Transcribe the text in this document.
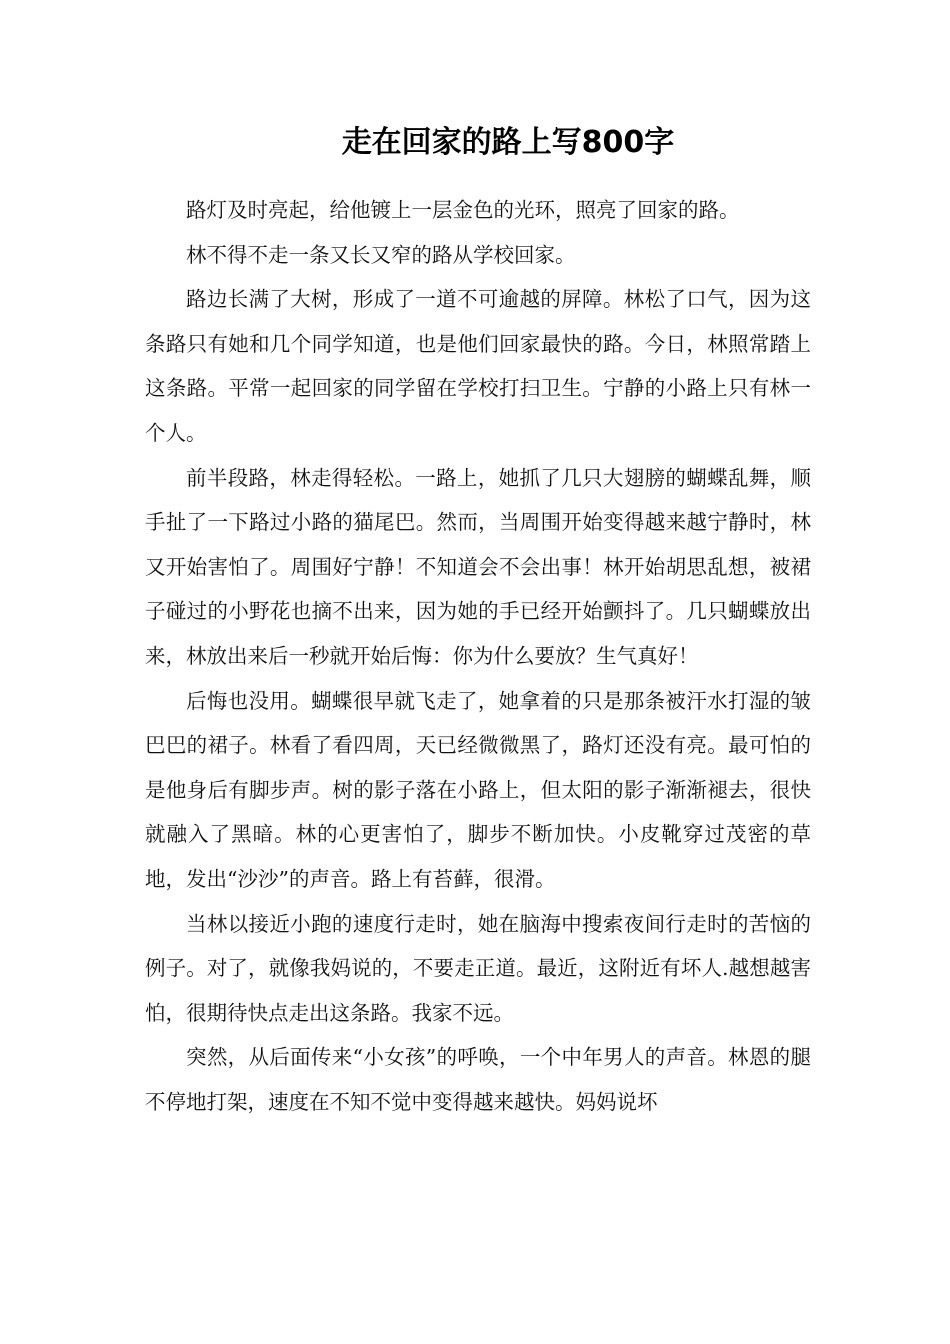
走在回家的路上写800字

路灯及时亮起，给他镀上一层金色的光环，照亮了回家的路。

林不得不走一条又长又窄的路从学校回家。

路边长满了大树，形成了一道不可逾越的屏障。林松了口气，因为这条路只有她和几个同学知道，也是他们回家最快的路。今日，林照常踏上这条路。平常一起回家的同学留在学校打扫卫生。宁静的小路上只有林一个人。

前半段路，林走得轻松。一路上，她抓了几只大翅膀的蝴蝶乱舞，顺手扯了一下路过小路的猫尾巴。然而，当周围开始变得越来越宁静时，林又开始害怕了。周围好宁静！不知道会不会出事！林开始胡思乱想，被裙子碰过的小野花也摘不出来，因为她的手已经开始颤抖了。几只蝴蝶放出来，林放出来后一秒就开始后悔：你为什么要放？生气真好！

后悔也没用。蝴蝶很早就飞走了，她拿着的只是那条被汗水打湿的皱巴巴的裙子。林看了看四周，天已经微微黑了，路灯还没有亮。最可怕的是他身后有脚步声。树的影子落在小路上，但太阳的影子渐渐褪去，很快就融入了黑暗。林的心更害怕了，脚步不断加快。小皮靴穿过茂密的草地，发出“沙沙”的声音。路上有苔藓，很滑。

当林以接近小跑的速度行走时，她在脑海中搜索夜间行走时的苦恼的例子。对了，就像我妈说的，不要走正道。最近，这附近有坏人.越想越害怕，很期待快点走出这条路。我家不远。

突然，从后面传来“小女孩”的呼唤，一个中年男人的声音。林恩的腿不停地打架，速度在不知不觉中变得越来越快。妈妈说坏
